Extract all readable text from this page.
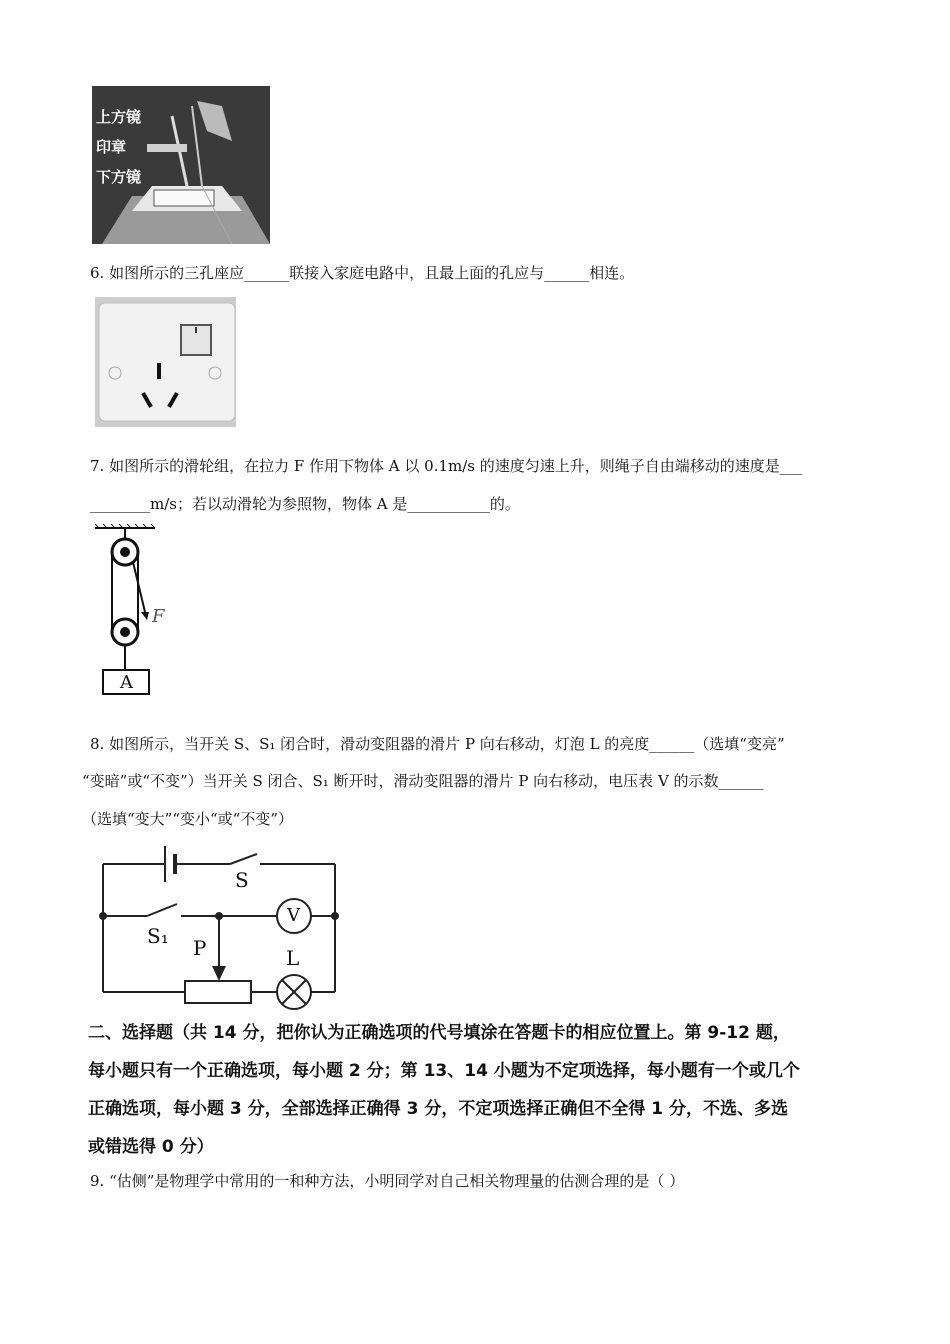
上方镜
印章
下方镜
6. 如图所示的三孔座应______联接入家庭电路中，且最上面的孔应与______相连。
7. 如图所示的滑轮组，在拉力 F 作用下物体 A 以 0.1m/s 的速度匀速上升，则绳子自由端移动的速度是___
________m/s；若以动滑轮为参照物，物体 A 是___________的。
F
A
8. 如图所示，当开关 S、S₁ 闭合时，滑动变阻器的滑片 P 向右移动，灯泡 L 的亮度______（选填“变亮”
“变暗”或“不变”）当开关 S 闭合、S₁ 断开时，滑动变阻器的滑片 P 向右移动，电压表 V 的示数______
（选填“变大”“变小“或“不变”）
S
S₁ P
V
L
二、选择题（共 14 分，把你认为正确选项的代号填涂在答题卡的相应位置上。第 9-12 题，
每小题只有一个正确选项，每小题 2 分；第 13、14 小题为不定项选择，每小题有一个或几个
正确选项，每小题 3 分，全部选择正确得 3 分，不定项选择正确但不全得 1 分，不选、多选
或错选得 0 分）
9. “估侧”是物理学中常用的一和种方法，小明同学对自己相关物理量的估测合理的是（ ）
